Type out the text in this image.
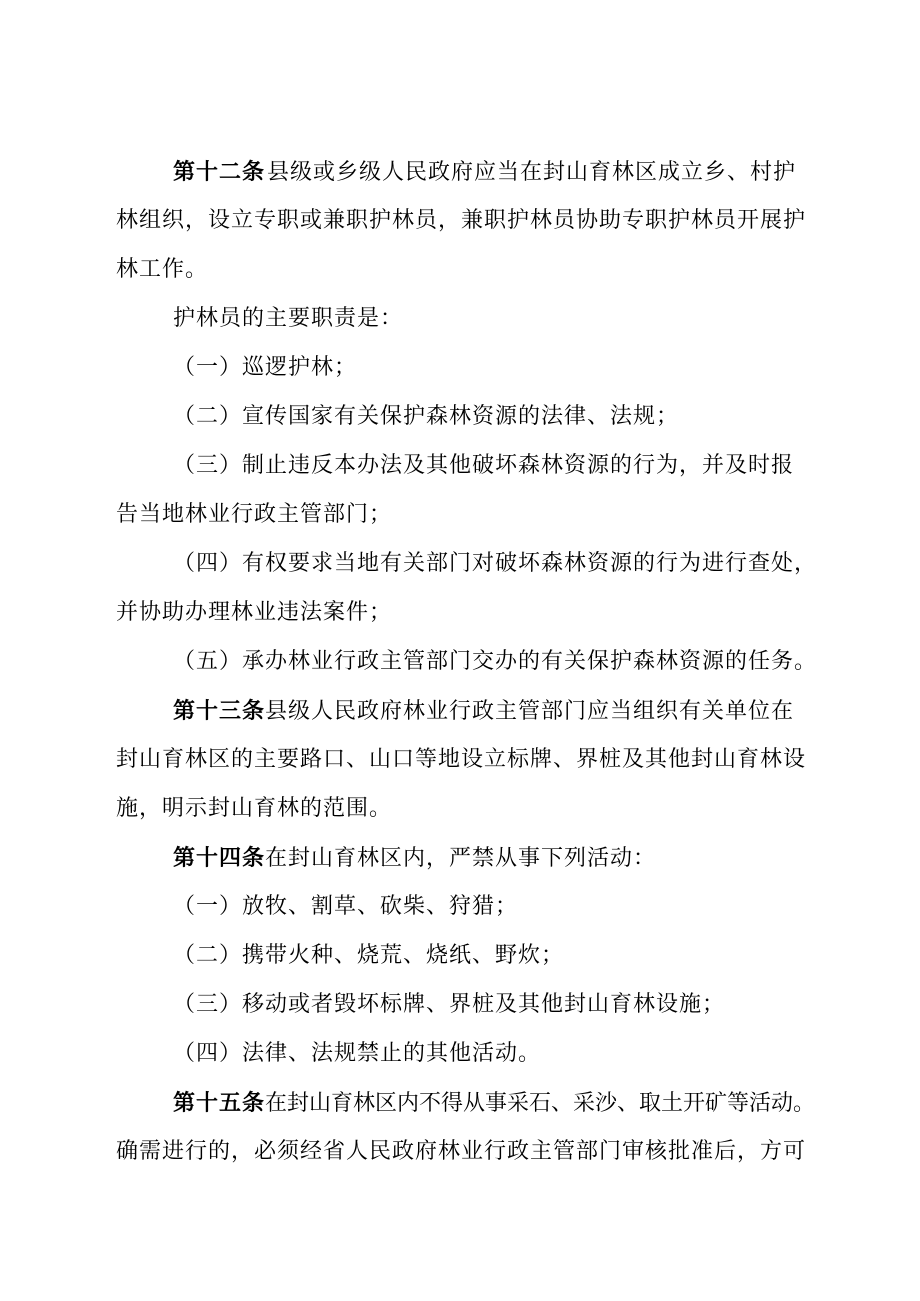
第十二条 县级或乡级人民政府应当在封山育林区成立乡、村护
林组织，设立专职或兼职护林员，兼职护林员协助专职护林员开展护
林工作。
护林员的主要职责是：
（一）巡逻护林；
（二）宣传国家有关保护森林资源的法律、法规；
（三）制止违反本办法及其他破坏森林资源的行为，并及时报
告当地林业行政主管部门；
（四）有权要求当地有关部门对破坏森林资源的行为进行查处，
并协助办理林业违法案件；
（五）承办林业行政主管部门交办的有关保护森林资源的任务。
第十三条县级人民政府林业行政主管部门应当组织有关单位在
封山育林区的主要路口、山口等地设立标牌、界桩及其他封山育林设
施，明示封山育林的范围。
第十四条在封山育林区内，严禁从事下列活动：
（一）放牧、割草、砍柴、狩猎；
（二）携带火种、烧荒、烧纸、野炊；
（三）移动或者毁坏标牌、界桩及其他封山育林设施；
（四）法律、法规禁止的其他活动。
第十五条在封山育林区内不得从事采石、采沙、取土开矿等活动。
确需进行的，必须经省人民政府林业行政主管部门审核批准后，方可
